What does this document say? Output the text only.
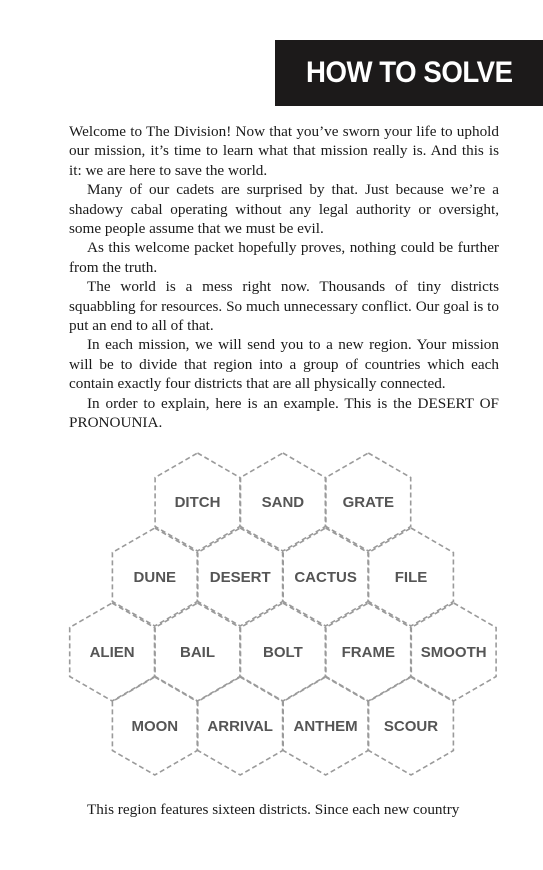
HOW TO SOLVE

Welcome to The Division! Now that you’ve sworn your life to uphold our mission, it’s time to learn what that mission really is. And this is it: we are here to save the world.

Many of our cadets are surprised by that. Just because we’re a shadowy cabal operating without any legal authority or oversight, some people assume that we must be evil.

As this welcome packet hopefully proves, nothing could be further from the truth.

The world is a mess right now. Thousands of tiny districts squabbling for resources. So much unnecessary conflict. Our goal is to put an end to all of that.

In each mission, we will send you to a new region. Your mission will be to divide that region into a group of countries which each contain exactly four districts that are all physically connected.

In order to explain, here is an example. This is the DESERT OF PRONOUNIA.

DITCH	SAND	GRATE
DUNE DESERT CACTUS	FILE
ALIEN	BAIL	BOLT	FRAME SMOOTH
MOON ARRIVAL ANTHEM SCOUR

This region features sixteen districts. Since each new country
